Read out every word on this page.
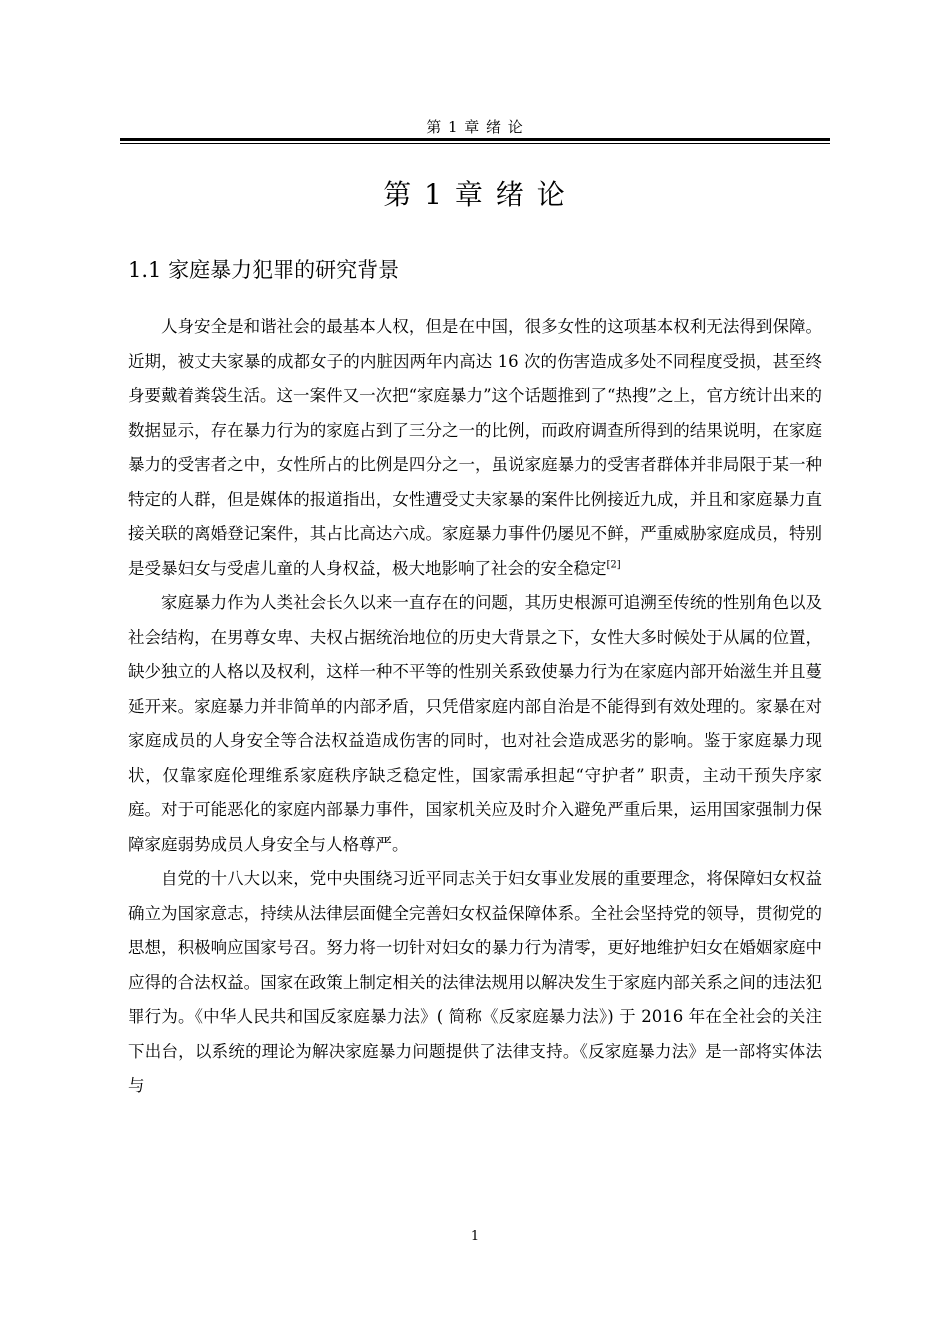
第 1 章 绪 论
第 1 章 绪 论
1.1 家庭暴力犯罪的研究背景

人身安全是和谐社会的最基本人权，但是在中国，很多女性的这项基本权利无法得到保障。近期，被丈夫家暴的成都女子的内脏因两年内高达 16 次的伤害造成多处不同程度受损，甚至终身要戴着粪袋生活。这一案件又一次把“家庭暴力”这个话题推到了“热搜”之上，官方统计出来的数据显示，存在暴力行为的家庭占到了三分之一的比例，而政府调查所得到的结果说明，在家庭暴力的受害者之中，女性所占的比例是四分之一，虽说家庭暴力的受害者群体并非局限于某一种特定的人群，但是媒体的报道指出，女性遭受丈夫家暴的案件比例接近九成，并且和家庭暴力直接关联的离婚登记案件，其占比高达六成。家庭暴力事件仍屡见不鲜，严重威胁家庭成员，特别是受暴妇女与受虐儿童的人身权益，极大地影响了社会的安全稳定[2]

家庭暴力作为人类社会长久以来一直存在的问题，其历史根源可追溯至传统的性别角色以及社会结构，在男尊女卑、夫权占据统治地位的历史大背景之下，女性大多时候处于从属的位置，缺少独立的人格以及权利，这样一种不平等的性别关系致使暴力行为在家庭内部开始滋生并且蔓延开来。家庭暴力并非简单的内部矛盾，只凭借家庭内部自治是不能得到有效处理的。家暴在对家庭成员的人身安全等合法权益造成伤害的同时，也对社会造成恶劣的影响。鉴于家庭暴力现状，仅靠家庭伦理维系家庭秩序缺乏稳定性，国家需承担起“守护者” 职责，主动干预失序家庭。对于可能恶化的家庭内部暴力事件，国家机关应及时介入避免严重后果，运用国家强制力保障家庭弱势成员人身安全与人格尊严。

自党的十八大以来，党中央围绕习近平同志关于妇女事业发展的重要理念，将保障妇女权益确立为国家意志，持续从法律层面健全完善妇女权益保障体系。全社会坚持党的领导，贯彻党的思想，积极响应国家号召。努力将一切针对妇女的暴力行为清零，更好地维护妇女在婚姻家庭中应得的合法权益。国家在政策上制定相关的法律法规用以解决发生于家庭内部关系之间的违法犯罪行为。《中华人民共和国反家庭暴力法》( 简称《反家庭暴力法》) 于 2016 年在全社会的关注下出台，以系统的理论为解决家庭暴力问题提供了法律支持。《反家庭暴力法》是一部将实体法与

1
